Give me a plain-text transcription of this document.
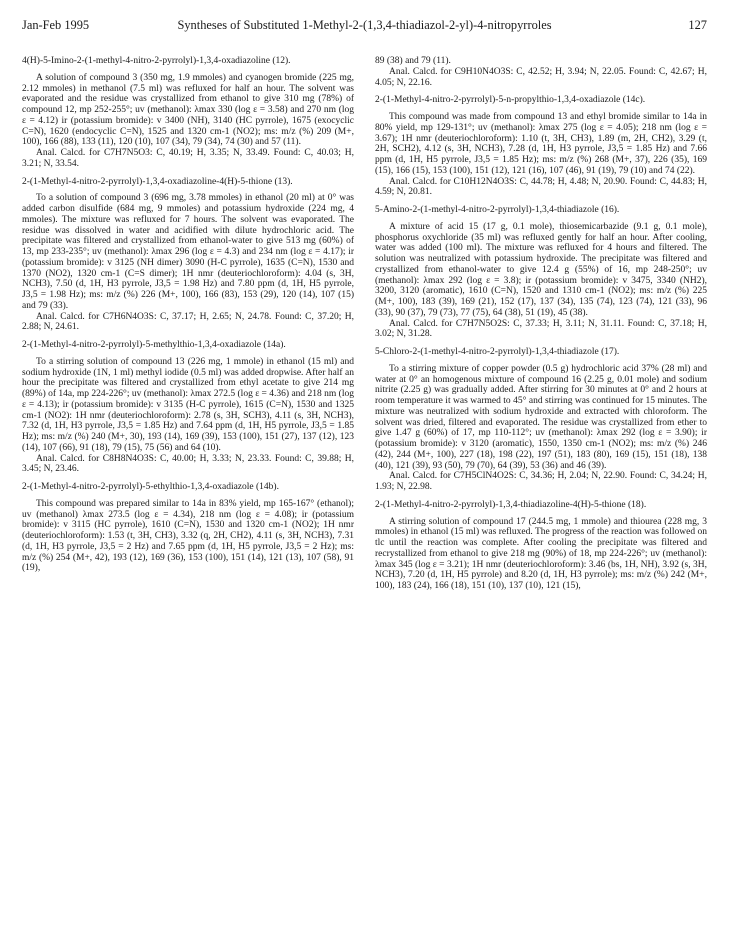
Jan-Feb 1995	Syntheses of Substituted 1-Methyl-2-(1,3,4-thiadiazol-2-yl)-4-nitropyrroles	127

4(H)-5-Imino-2-(1-methyl-4-nitro-2-pyrrolyl)-1,3,4-oxadiazoline (12).

A solution of compound 3 (350 mg, 1.9 mmoles) and cyanogen bromide (225 mg, 2.12 mmoles) in methanol (7.5 ml) was refluxed for half an hour. The solvent was evaporated and the residue was crystallized from ethanol to give 310 mg (78%) of compound 12, mp 252-255°; uv (methanol): λmax 330 (log ε = 3.58) and 270 nm (log ε = 4.12) ir (potassium bromide): v 3400 (NH), 3140 (HC pyrrole), 1675 (exocyclic C=N), 1620 (endocyclic C=N), 1525 and 1320 cm-1 (NO2); ms: m/z (%) 209 (M+, 100), 166 (88), 133 (11), 120 (10), 107 (34), 79 (34), 74 (30) and 57 (11).

Anal. Calcd. for C7H7N5O3: C, 40.19; H, 3.35; N, 33.49. Found: C, 40.03; H, 3.21; N, 33.54.

2-(1-Methyl-4-nitro-2-pyrrolyl)-1,3,4-oxadiazoline-4(H)-5-thione (13).

To a solution of compound 3 (696 mg, 3.78 mmoles) in ethanol (20 ml) at 0° was added carbon disulfide (684 mg, 9 mmoles) and potassium hydroxide (224 mg, 4 mmoles). The mixture was refluxed for 7 hours. The solvent was evaporated. The residue was dissolved in water and acidified with dilute hydrochloric acid. The precipitate was filtered and crystallized from ethanol-water to give 513 mg (60%) of 13, mp 233-235°; uv (methanol): λmax 296 (log ε = 4.3) and 234 nm (log ε = 4.17); ir (potassium bromide): v 3125 (NH dimer) 3090 (H-C pyrrole), 1635 (C=N), 1530 and 1370 (NO2), 1320 cm-1 (C=S dimer); 1H nmr (deuteriochloroform): 4.04 (s, 3H, NCH3), 7.50 (d, 1H, H3 pyrrole, J3,5 = 1.98 Hz) and 7.80 ppm (d, 1H, H5 pyrrole, J3,5 = 1.98 Hz); ms: m/z (%) 226 (M+, 100), 166 (83), 153 (29), 120 (14), 107 (15) and 79 (33).

Anal. Calcd. for C7H6N4O3S: C, 37.17; H, 2.65; N, 24.78. Found: C, 37.20; H, 2.88; N, 24.61.

2-(1-Methyl-4-nitro-2-pyrrolyl)-5-methylthio-1,3,4-oxadiazole (14a).

To a stirring solution of compound 13 (226 mg, 1 mmole) in ethanol (15 ml) and sodium hydroxide (1N, 1 ml) methyl iodide (0.5 ml) was added dropwise. After half an hour the precipitate was filtered and crystallized from ethyl acetate to give 214 mg (89%) of 14a, mp 224-226°; uv (methanol): λmax 272.5 (log ε = 4.36) and 218 nm (log ε = 4.13); ir (potassium bromide): v 3135 (H-C pyrrole), 1615 (C=N), 1530 and 1325 cm-1 (NO2): 1H nmr (deuteriochloroform): 2.78 (s, 3H, SCH3), 4.11 (s, 3H, NCH3), 7.32 (d, 1H, H3 pyrrole, J3,5 = 1.85 Hz) and 7.64 ppm (d, 1H, H5 pyrrole, J3,5 = 1.85 Hz); ms: m/z (%) 240 (M+, 30), 193 (14), 169 (39), 153 (100), 151 (27), 137 (12), 123 (14), 107 (66), 91 (18), 79 (15), 75 (56) and 64 (10).

Anal. Calcd. for C8H8N4O3S: C, 40.00; H, 3.33; N, 23.33. Found: C, 39.88; H, 3.45; N, 23.46.

2-(1-Methyl-4-nitro-2-pyrrolyl)-5-ethylthio-1,3,4-oxadiazole (14b).

This compound was prepared similar to 14a in 83% yield, mp 165-167° (ethanol); uv (methanol) λmax 273.5 (log ε = 4.34), 218 nm (log ε = 4.08); ir (potassium bromide): v 3115 (HC pyrrole), 1610 (C=N), 1530 and 1320 cm-1 (NO2); 1H nmr (deuteriochloroform): 1.53 (t, 3H, CH3), 3.32 (q, 2H, CH2), 4.11 (s, 3H, NCH3), 7.31 (d, 1H, H3 pyrrole, J3,5 = 2 Hz) and 7.65 ppm (d, 1H, H5 pyrrole, J3,5 = 2 Hz); ms: m/z (%) 254 (M+, 42), 193 (12), 169 (36), 153 (100), 151 (14), 121 (13), 107 (58), 91 (19),

89 (38) and 79 (11).

Anal. Calcd. for C9H10N4O3S: C, 42.52; H, 3.94; N, 22.05. Found: C, 42.67; H, 4.05; N, 22.16.

2-(1-Methyl-4-nitro-2-pyrrolyl)-5-n-propylthio-1,3,4-oxadiazole (14c).

This compound was made from compound 13 and ethyl bromide similar to 14a in 80% yield, mp 129-131°; uv (methanol): λmax 275 (log ε = 4.05); 218 nm (log ε = 3.67); 1H nmr (deuteriochloroform): 1.10 (t, 3H, CH3), 1.89 (m, 2H, CH2), 3.29 (t, 2H, SCH2), 4.12 (s, 3H, NCH3), 7.28 (d, 1H, H3 pyrrole, J3,5 = 1.85 Hz) and 7.66 ppm (d, 1H, H5 pyrrole, J3,5 = 1.85 Hz); ms: m/z (%) 268 (M+, 37), 226 (35), 169 (15), 166 (15), 153 (100), 151 (12), 121 (16), 107 (46), 91 (19), 79 (10) and 74 (22).

Anal. Calcd. for C10H12N4O3S: C, 44.78; H, 4.48; N, 20.90. Found: C, 44.83; H, 4.59; N, 20.81.

5-Amino-2-(1-methyl-4-nitro-2-pyrrolyl)-1,3,4-thiadiazole (16).

A mixture of acid 15 (17 g, 0.1 mole), thiosemicarbazide (9.1 g, 0.1 mole), phosphorus oxychloride (35 ml) was refluxed gently for half an hour. After cooling, water was added (100 ml). The mixture was refluxed for 4 hours and filtered. The solution was neutralized with potassium hydroxide. The precipitate was filtered and crystallized from ethanol-water to give 12.4 g (55%) of 16, mp 248-250°; uv (methanol): λmax 292 (log ε = 3.8); ir (potassium bromide): v 3475, 3340 (NH2), 3200, 3120 (aromatic), 1610 (C=N), 1520 and 1310 cm-1 (NO2); ms: m/z (%) 225 (M+, 100), 183 (39), 169 (21), 152 (17), 137 (34), 135 (74), 123 (74), 121 (33), 96 (33), 90 (37), 79 (73), 77 (75), 64 (38), 51 (19), 45 (38).

Anal. Calcd. for C7H7N5O2S: C, 37.33; H, 3.11; N, 31.11. Found: C, 37.18; H, 3.02; N, 31.28.

5-Chloro-2-(1-methyl-4-nitro-2-pyrrolyl)-1,3,4-thiadiazole (17).

To a stirring mixture of copper powder (0.5 g) hydrochloric acid 37% (28 ml) and water at 0° an homogenous mixture of compound 16 (2.25 g, 0.01 mole) and sodium nitrite (2.25 g) was gradually added. After stirring for 30 minutes at 0° and 2 hours at room temperature it was warmed to 45° and stirring was continued for 15 minutes. The mixture was neutralized with sodium hydroxide and extracted with chloroform. The solvent was dried, filtered and evaporated. The residue was crystallized from ether to give 1.47 g (60%) of 17, mp 110-112°; uv (methanol): λmax 292 (log ε = 3.90); ir (potassium bromide): v 3120 (aromatic), 1550, 1350 cm-1 (NO2); ms: m/z (%) 246 (42), 244 (M+, 100), 227 (18), 198 (22), 197 (51), 183 (80), 169 (15), 151 (18), 138 (40), 121 (39), 93 (50), 79 (70), 64 (39), 53 (36) and 46 (39).

Anal. Calcd. for C7H5ClN4O2S: C, 34.36; H, 2.04; N, 22.90. Found: C, 34.24; H, 1.93; N, 22.98.

2-(1-Methyl-4-nitro-2-pyrrolyl)-1,3,4-thiadiazoline-4(H)-5-thione (18).

A stirring solution of compound 17 (244.5 mg, 1 mmole) and thiourea (228 mg, 3 mmoles) in ethanol (15 ml) was refluxed. The progress of the reaction was followed on tlc until the reaction was complete. After cooling the precipitate was filtered and recrystallized from ethanol to give 218 mg (90%) of 18, mp 224-226°; uv (methanol): λmax 345 (log ε = 3.21); 1H nmr (deuteriochloroform): 3.46 (bs, 1H, NH), 3.92 (s, 3H, NCH3), 7.20 (d, 1H, H5 pyrrole) and 8.20 (d, 1H, H3 pyrrole); ms: m/z (%) 242 (M+, 100), 183 (24), 166 (18), 151 (10), 137 (10), 121 (15),
